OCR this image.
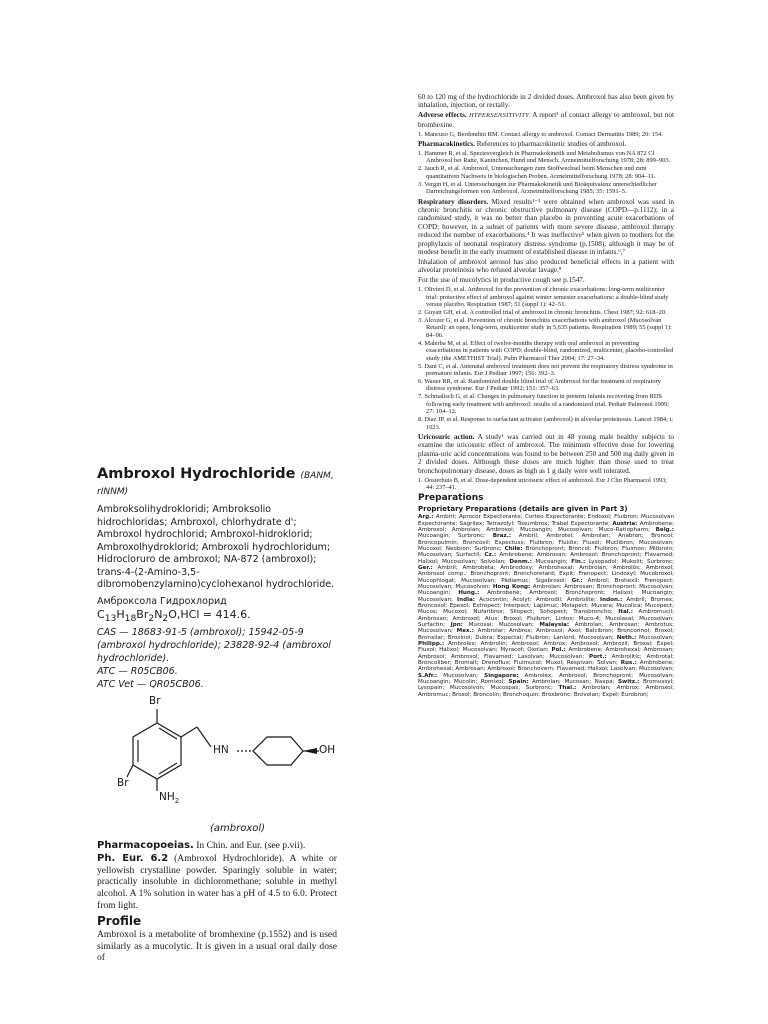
Ambroxol Hydrochloride (BANM, rINNM)

Ambroksolihydrokloridi; Ambroksolio hidrochloridas; Ambroxol, chlorhydrate d'; Ambroxol hydrochlorid; Ambroxol-hidroklorid; Ambroxolhydroklorid; Ambroxoli hydrochloridum; Hidrocloruro de ambroxol; NA-872 (ambroxol); trans-4-(2-Amino-3,5-dibromobenzylamino)cyclohexanol hydrochloride.

Амброксола Гидрохлорид

$C_{13}H_{18}Br_2N_2O,HCl = 414.6$.

CAS — 18683-91-5 (ambroxol); 15942-05-9 (ambroxol hydrochloride); 23828-92-4 (ambroxol hydrochloride).

ATC — R05CB06.

ATC Vet — QR05CB06.

Br
Br
$NH_2$
HN	OH
(ambroxol)

Pharmacopoeias. In Chin. and Eur. (see p.vii).

Ph. Eur. 6.2 (Ambroxol Hydrochloride). A white or yellowish crystalline powder. Sparingly soluble in water; practically insoluble in dichloromethane; soluble in methyl alcohol. A 1% solution in water has a pH of 4.5 to 6.0. Protect from light.

Profile

Ambroxol is a metabolite of bromhexine (p.1552) and is used similarly as a mucolytic. It is given in a usual oral daily dose of

60 to 120 mg of the hydrochloride in 2 divided doses. Ambroxol has also been given by inhalation, injection, or rectally.

Adverse effects. HYPERSENSITIVITY. A report¹ of contact allergy to ambroxol, but not bromhexine.

1. Mancuso G, Berdondini RM. Contact allergy to ambroxol. Contact Dermatitis 1989; 20: 154.

Pharmacokinetics. References to pharmacokinetic studies of ambroxol.

1. Hammer R, et al. Speziesvergleich in Pharmakokinetik und Metabolismus von NA 872 Cl Ambroxol bei Ratte, Kaninchen, Hund und Mensch. Arzneimittelforschung 1978; 28: 899–903.
2. Jauch R, et al. Ambroxol, Untersuchungen zum Stoffwechsel beim Menschen und zum quantitativen Nachweis in biologischen Proben. Arzneimittelforschung 1978; 28: 904–11.
3. Vergin H, et al. Untersuchungen zur Pharmakokinetik und Bioäquivalenz unterschiedlicher Darreichungsformen von Ambroxol. Arzneimittelforschung 1985; 35: 1591–5.

Respiratory disorders. Mixed results¹⁻³ were obtained when ambroxol was used in chronic bronchitis or chronic obstructive pulmonary disease (COPD—p.1112); in a randomised study, it was no better than placebo in preventing acute exacerbations of COPD; however, in a subset of patients with more severe disease, ambroxol therapy reduced the number of exacerbations.⁴ It was ineffective⁵ when given to mothers for the prophylaxis of neonatal respiratory distress syndrome (p.1508), although it may be of modest benefit in the early treatment of established disease in infants.⁶,⁷

Inhalation of ambroxol aerosol has also produced beneficial effects in a patient with alveolar proteinosis who refused alveolar lavage.⁸

For the use of mucolytics in productive cough see p.1547.

1. Olivieri D, et al. Ambroxol for the prevention of chronic exacerbations: long-term multicenter trial: protective effect of ambroxol against winter semester exacerbations: a double-blind study versus placebo. Respiration 1987; 51 (suppl 1): 42–51.
2. Guyatt GH, et al. A controlled trial of ambroxol in chronic bronchitis. Chest 1987; 92: 618–20.
3. Alcozer G, et al. Prevention of chronic bronchitis exacerbations with ambroxol (Mucosolvan Retard): an open, long-term, multicenter study in 5,635 patients. Respiration 1989; 55 (suppl 1): 84–96.
4. Malerba M, et al. Effect of twelve-months therapy with oral ambroxol in preventing exacerbations in patients with COPD: double-blind, randomized, multicenter, placebo-controlled study (the AMETHIST Trial). Pulm Pharmacol Ther 2004; 17: 27–34.
5. Dani C, et al. Antenatal ambroxol treatment does not prevent the respiratory distress syndrome in premature infants. Eur J Pediatr 1997; 156: 392–3.
6. Wauer RR, et al. Randomized double blind trial of Ambroxol for the treatment of respiratory distress syndrome. Eur J Pediatr 1992; 151: 357–63.
7. Schmalisch G, et al. Changes in pulmonary function in preterm infants recovering from RDS following early treatment with ambroxol: results of a randomized trial. Pediatr Pulmonol 1999; 27: 104–12.
8. Diaz JP, et al. Response to surfactant activator (ambroxol) in alveolar proteinosis. Lancet 1984; i: 1023.

Uricosuric action. A study¹ was carried out in 48 young male healthy subjects to examine the uricosuric effect of ambroxol. The minimum effective dose for lowering plasma-uric acid concentrations was found to be between 250 and 500 mg daily given in 2 divided doses. Although these doses are much higher than those used to treat bronchopulmonary disease, doses as high as 1 g daily were well tolerated.

1. Oosterhuis B, et al. Dose-dependent uricosuric effect of ambroxol. Eur J Clin Pharmacol 1993; 44: 237–41.
Preparations
Proprietary Preparations (details are given in Part 3)

Arg.: Ambrit; Aprocor Expectorante; Corteo Expectorante; Endoxol; Fluibron; Mucosolvan Expectorante; Sagrilex; Tetrazolyl; Tosumbrox; Trabel Expectorante; Austria: Ambrobene; Ambroxol; Ambrolan; Ambroxol; Mucoangin; Mucosolvan; Muco-Ratiopharm; Belg.: Mucoangin; Surbronc; Braz.: Ambril; Ambrotel; Ambrolan; Anabron; Broncol; Broncopulmin; Broncoxil; Expectuss; Fluibron; Fluidix; Fluxol; Muclibron; Mucosolvan; Mucoxol; Neobron; Surbronc; Chile: Bronchopront; Broncol; Fluibron; Fluimon; Mitbroin; Mucosolvan; Surfactil; Cz.: Ambrobene; Ambrosan; Ambroxol; Bronchopront; Flavamed; Halixol; Mucosolvan; Solvolan; Denm.: Mucoangin; Fin.: Lysopadol; Mukolit; Surbronc; Ger.: Ambril; Ambrobeta; Ambrodoxy; Ambrohexal; Ambrolan; Ambrolös; Ambroxol; Ambroxol comp.; Bronchopront; Bronchoretard; Expit; Frenopect; Lindoxyl; Mucobroxol; Mucophlogat; Mucosolvan; Pädiamuc; Sigabroxol; Gr.: Ambrol; Brohexil; Frenopect; Mucosolvan; Mucosolvon; Hong Kong: Ambrolan; Ambrosan; Bronchopront; Mucosolvan; Mucoangin; Hung.: Ambrobene; Ambroxol; Bronchopront; Halixol; Mucoangin; Mucosolvan; India: Acocontin; Acolyt; Ambrodil; Ambrolite; Indon.: Ambril; Bromex; Broncoxol; Epexol; Extropect; Interpect; Lapimuc; Molapect; Mucera; Mucolica; Mucopect; Mucos; Mucoxol; Nufaribrox; Silopect; Sohopect; Transbroncho; Ital.: Ambromucil; Ambrosan; Ambroxol; Atus; Broxol; Fluibron; Lintos; Muco-4; Mucolasal; Mucosolvan; Surfactin; Jpn: Mucosal; Mucosolvan; Malaysia: Ambrolan; Ambrosan; Ambrotus; Mucosolvan; Mex.: Ambrolar; Ambrox; Ambroxol; Axol; Balcibron; Broncorinol; Broxol; Bronxilar; Broxinol; Dubra; Expectal; Fluibron; Lanlord; Mucosolvan; Neth.: Mucosolvan; Philipp.: Ambrolex; Ambrolin; Ambrosol; Ambrox; Ambroxol; Ambrozil; Broxal; Expel; Fluxol; Halixol; Mucosolvan; Myracof; Oxolan; Pol.: Ambrobene; Ambrohexal; Ambrosan; Ambroxol; Ambrosol; Flavamed; Lasolvan; Mucosolvan; Port.: Ambrolitic; Ambrotal; Broncoliber; Bromalt; Drenoflux; Fluimucol; Muxol; Respivan; Solvan; Rus.: Ambrobene; Ambrohexal; Ambrosan; Ambroxol; Bronchovern; Flavamed; Halixol; Lasolvan; Mucosolvan; S.Afr.: Mucosolvan; Singapore: Ambrolex; Ambroxol; Bronchopront; Mucosolvan; Mucoangin; Mucolin; Romixol; Spain: Ambrolan; Mucosan; Naxpa; Switz.: Bromussyl; Lysopain; Mucosolvon; Mucospas; Surbronc; Thai.: Ambrolan; Ambrox; Ambroxol; Ambromuc; Broxol; Broncolin; Bronchoquin; Broxbronc; Brovolan; Expel; Eurobron;
